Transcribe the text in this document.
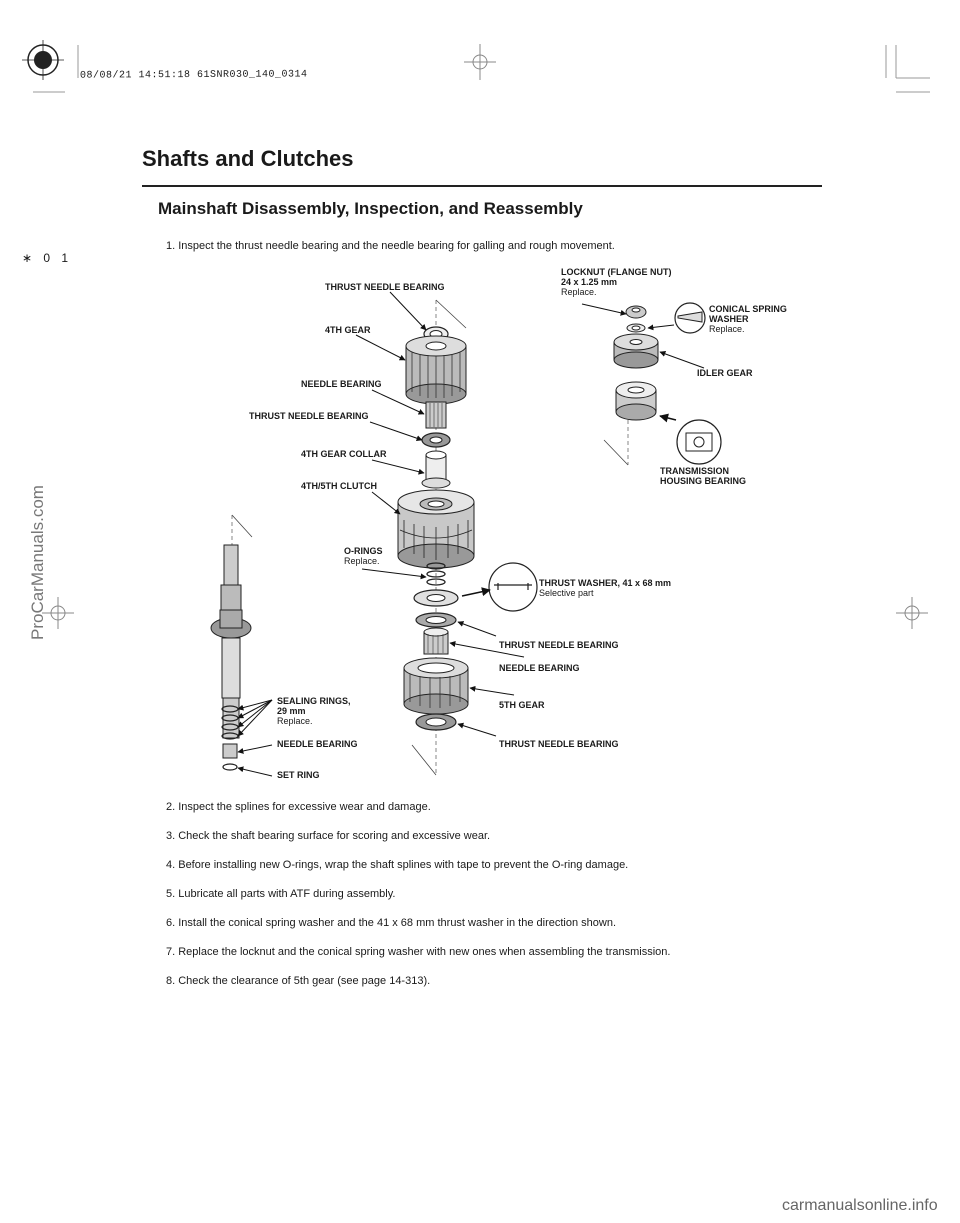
08/08/21 14:51:18 61SNR030_140_0314
Shafts and Clutches
Mainshaft Disassembly, Inspection, and Reassembly
∗ 0 1
1. Inspect the thrust needle bearing and the needle bearing for galling and rough movement.
THRUST NEEDLE BEARING
4TH GEAR
NEEDLE BEARING
THRUST NEEDLE BEARING
4TH GEAR COLLAR
4TH/5TH CLUTCH
O-RINGS
Replace.
SEALING RINGS,
29 mm
Replace.
NEEDLE BEARING
SET RING
LOCKNUT (FLANGE NUT)
24 x 1.25 mm
Replace.
CONICAL SPRING
WASHER
Replace.
IDLER GEAR
TRANSMISSION
HOUSING BEARING
THRUST WASHER, 41 x 68 mm
Selective part
THRUST NEEDLE BEARING
NEEDLE BEARING
5TH GEAR
THRUST NEEDLE BEARING
2. Inspect the splines for excessive wear and damage.
3. Check the shaft bearing surface for scoring and excessive wear.
4. Before installing new O-rings, wrap the shaft splines with tape to prevent the O-ring damage.
5. Lubricate all parts with ATF during assembly.
6. Install the conical spring washer and the 41 x 68 mm thrust washer in the direction shown.
7. Replace the locknut and the conical spring washer with new ones when assembling the transmission.
8. Check the clearance of 5th gear (see page 14-313).
ProCarManuals.com
carmanualsonline.info
